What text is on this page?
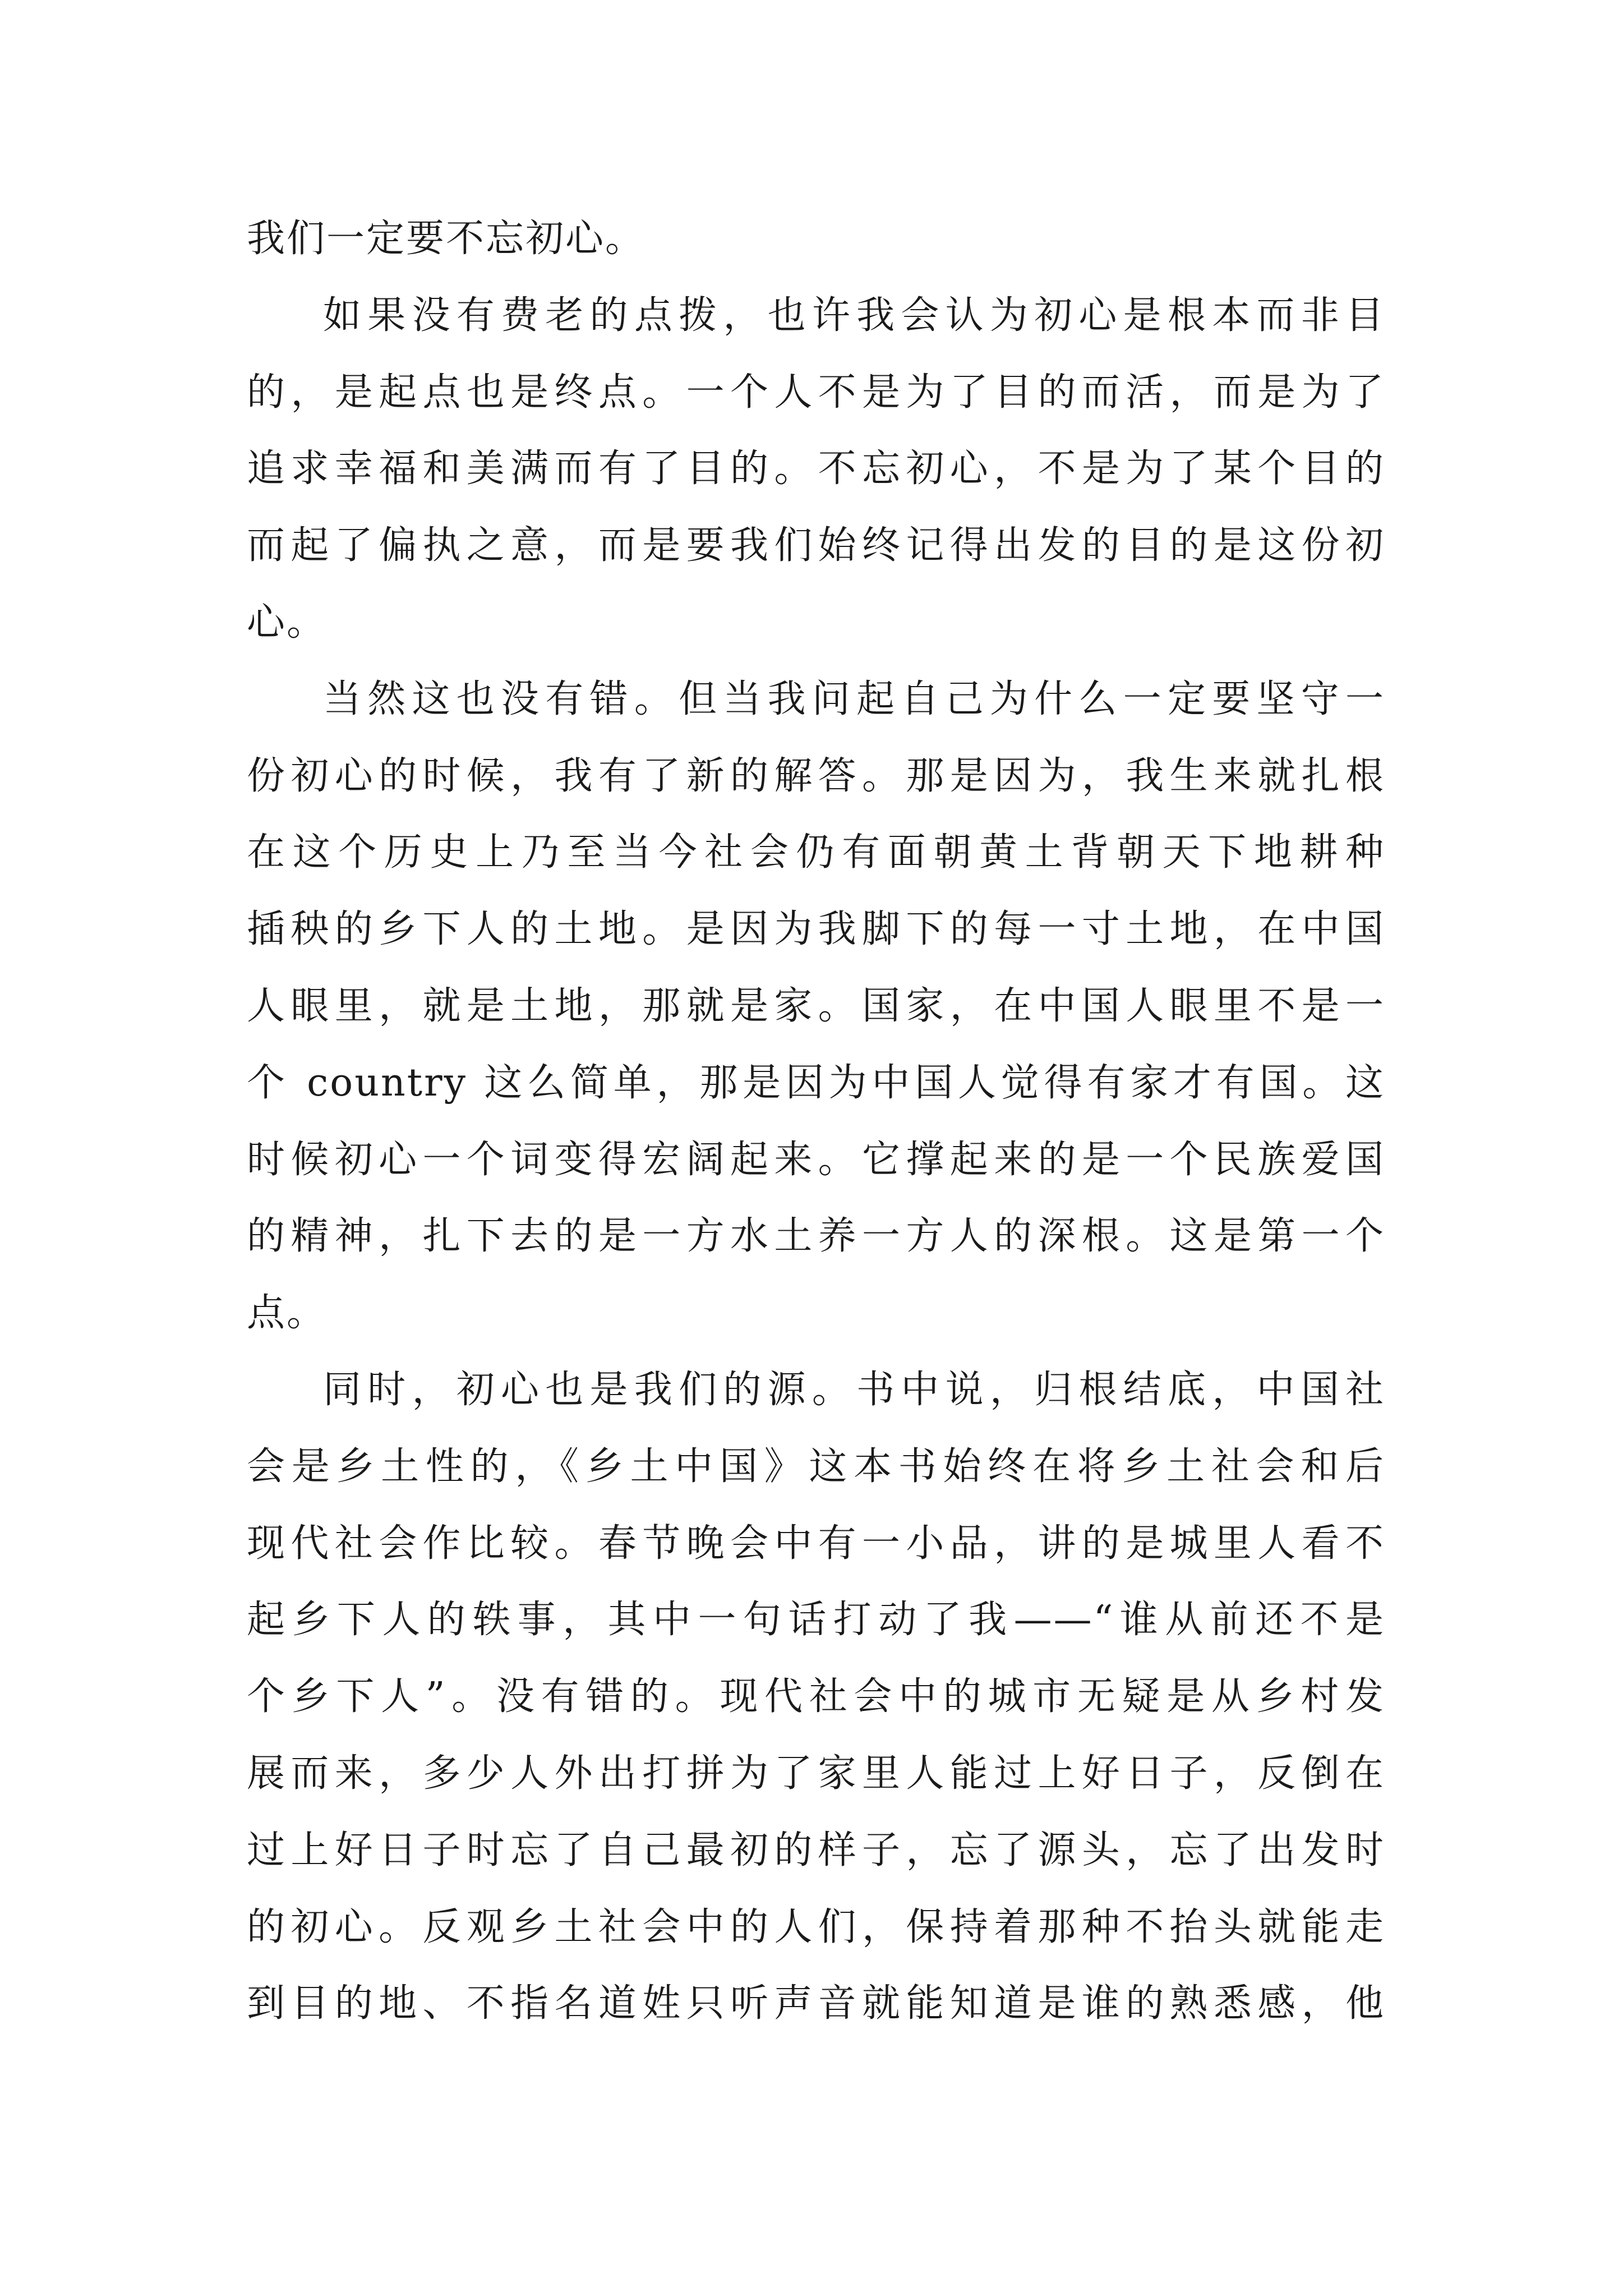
我们一定要不忘初心。

如果没有费老的点拨，也许我会认为初心是根本而非目
的，是起点也是终点。一个人不是为了目的而活，而是为了
追求幸福和美满而有了目的。不忘初心，不是为了某个目的
而起了偏执之意，而是要我们始终记得出发的目的是这份初
心。

当然这也没有错。但当我问起自己为什么一定要坚守一
份初心的时候，我有了新的解答。那是因为，我生来就扎根
在这个历史上乃至当今社会仍有面朝黄土背朝天下地耕种
插秧的乡下人的土地。是因为我脚下的每一寸土地，在中国
人眼里，就是土地，那就是家。国家，在中国人眼里不是一
个 country 这么简单，那是因为中国人觉得有家才有国。这
时候初心一个词变得宏阔起来。它撑起来的是一个民族爱国
的精神，扎下去的是一方水土养一方人的深根。这是第一个
点。

同时，初心也是我们的源。书中说，归根结底，中国社
会是乡土性的，《乡土中国》这本书始终在将乡土社会和后
现代社会作比较。春节晚会中有一小品，讲的是城里人看不
起乡下人的轶事，其中一句话打动了我——“谁从前还不是
个乡下人”。没有错的。现代社会中的城市无疑是从乡村发
展而来，多少人外出打拼为了家里人能过上好日子，反倒在
过上好日子时忘了自己最初的样子，忘了源头，忘了出发时
的初心。反观乡土社会中的人们，保持着那种不抬头就能走
到目的地、不指名道姓只听声音就能知道是谁的熟悉感，他
